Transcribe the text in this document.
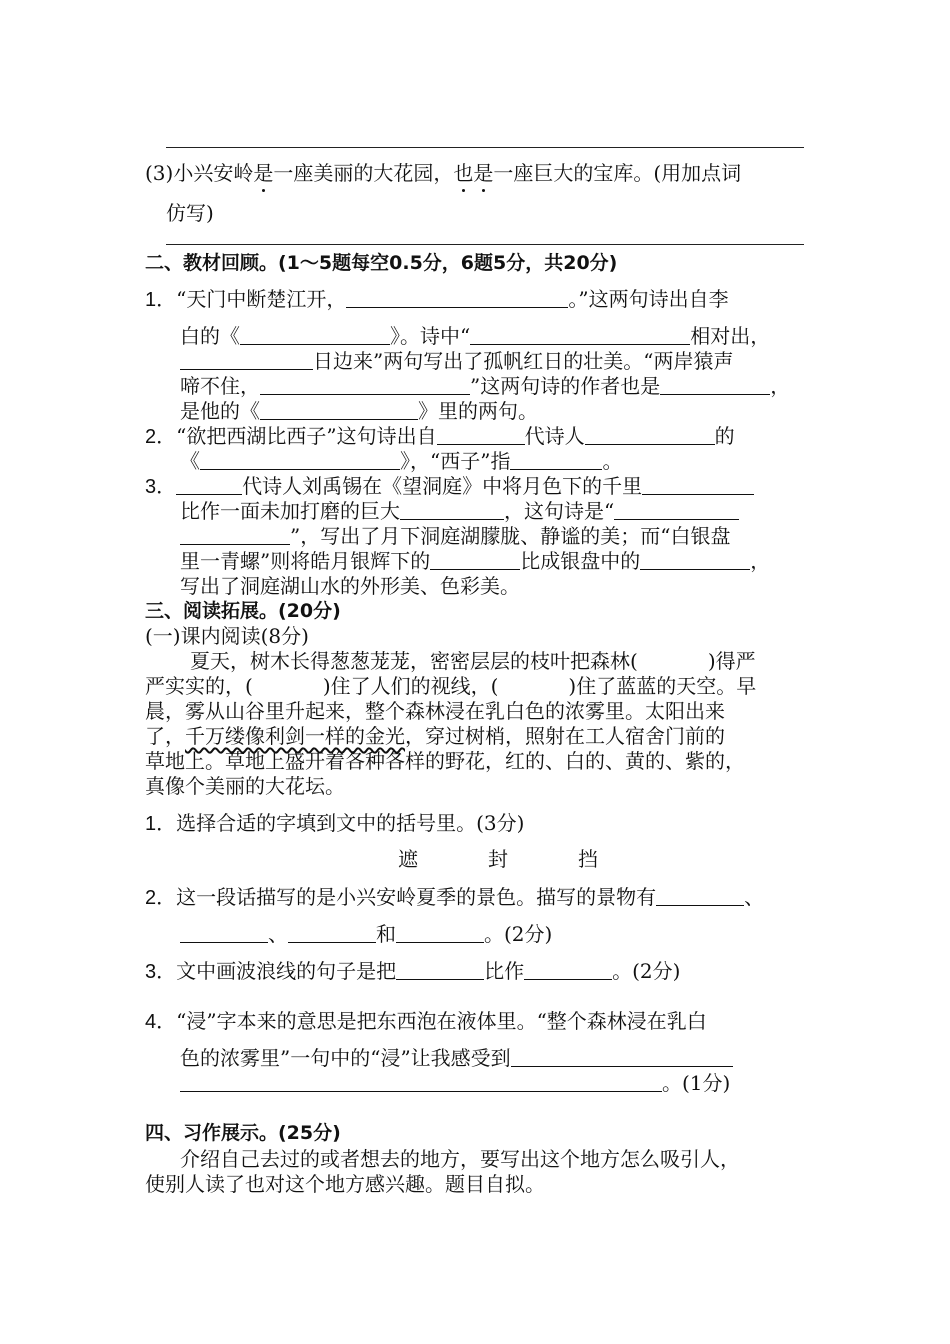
(3)小兴安岭是一座美丽的大花园，也是一座巨大的宝库。(用加点词
仿写)
二、教材回顾。(1～5题每空0.5分，6题5分，共20分)
1．“天门中断楚江开，	。”这两句诗出自李
白的《	》。诗中“	相对出，
日边来”两句写出了孤帆红日的壮美。“两岸猿声
啼不住，	”这两句诗的作者也是	，
是他的《	》里的两句。
2．“欲把西湖比西子”这句诗出自	代诗人	的
《	》，“西子”指	。
3．	代诗人刘禹锡在《望洞庭》中将月色下的千里
比作一面未加打磨的巨大	，这句诗是“
”，写出了月下洞庭湖朦胧、静谧的美；而“白银盘
里一青螺”则将皓月银辉下的	比成银盘中的	，
写出了洞庭湖山水的外形美、色彩美。
三、阅读拓展。(20分)
(一)课内阅读(8分)
夏天，树木长得葱葱茏茏，密密层层的枝叶把森林(	)得严
严实实的，(	)住了人们的视线，(	)住了蓝蓝的天空。早
晨，雾从山谷里升起来，整个森林浸在乳白色的浓雾里。太阳出来
了，千万缕像利剑一样的金光，穿过树梢，照射在工人宿舍门前的
草地上。草地上盛开着各种各样的野花，红的、白的、黄的、紫的，
真像个美丽的大花坛。
1．选择合适的字填到文中的括号里。(3分)
遮	封	挡
2．这一段话描写的是小兴安岭夏季的景色。描写的景物有	、
、	和	。(2分)
3．文中画波浪线的句子是把	比作	。(2分)
4．“浸”字本来的意思是把东西泡在液体里。“整个森林浸在乳白
色的浓雾里”一句中的“浸”让我感受到
。(1分)
四、习作展示。(25分)
介绍自己去过的或者想去的地方，要写出这个地方怎么吸引人，
使别人读了也对这个地方感兴趣。题目自拟。
